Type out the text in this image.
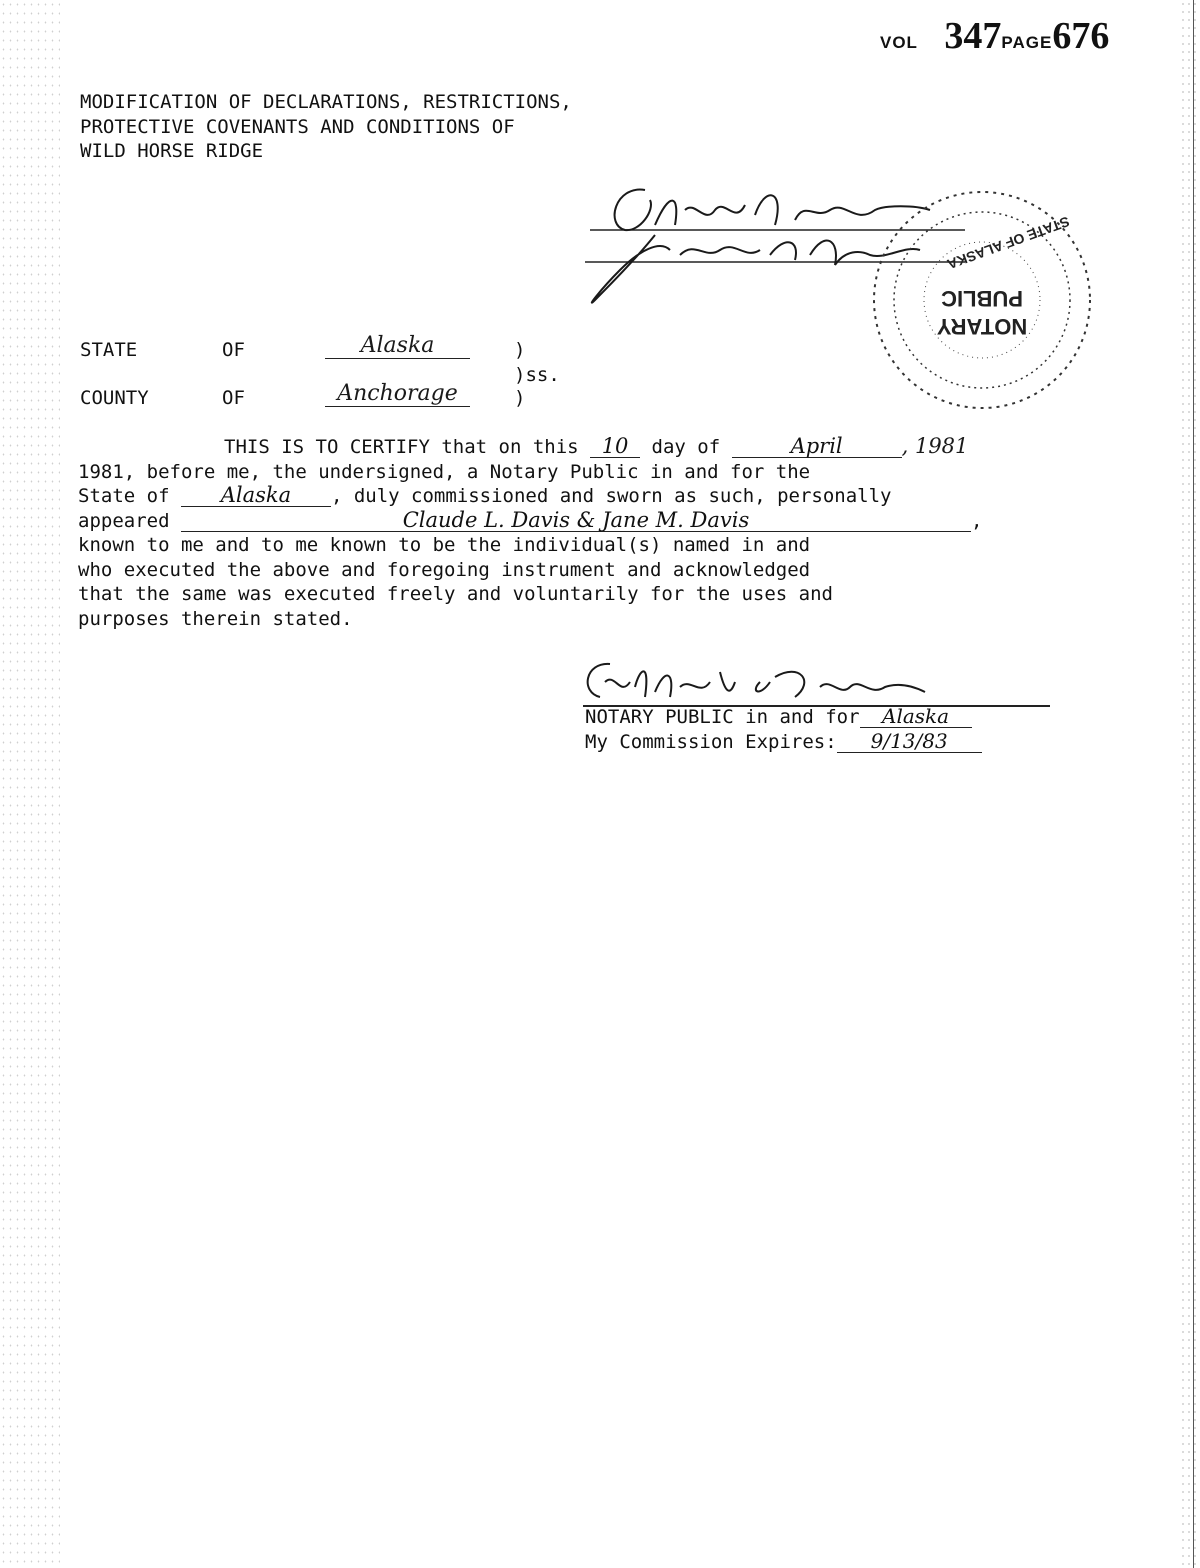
VOL 347PAGE676
MODIFICATION OF DECLARATIONS, RESTRICTIONS,
PROTECTIVE COVENANTS AND CONDITIONS OF
WILD HORSE RIDGE
PUBLIC
NOTARY
STATE OF ALASKA
STATE	OF	Alaska	)
)ss.
COUNTY	OF	Anchorage	)
THIS IS TO CERTIFY that on this 10 day of	April	, 1981
1981, before me, the undersigned, a Notary Public in and for the
State of Alaska , duly commissioned and sworn as such, personally
appeared	Claude L. Davis & Jane M. Davis	,
known to me and to me known to be the individual(s) named in and
who executed the above and foregoing instrument and acknowledged
that the same was executed freely and voluntarily for the uses and
purposes therein stated.
NOTARY PUBLIC in and for Alaska
My Commission Expires: 9/13/83
